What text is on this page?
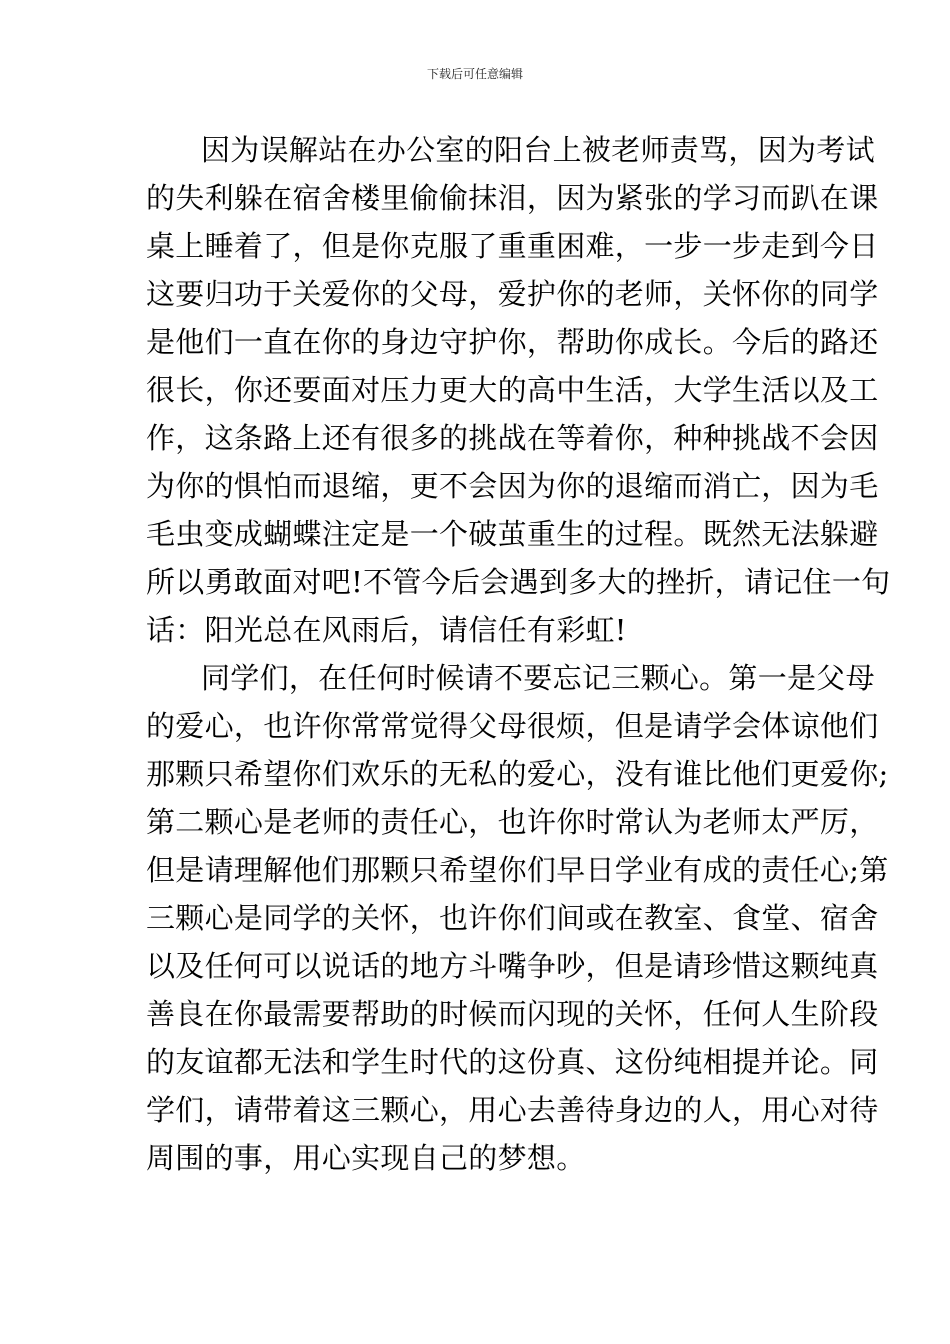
下载后可任意编辑
因为误解站在办公室的阳台上被老师责骂，因为考试
的失利躲在宿舍楼里偷偷抹泪，因为紧张的学习而趴在课
桌上睡着了，但是你克服了重重困难，一步一步走到今日
这要归功于关爱你的父母，爱护你的老师，关怀你的同学
是他们一直在你的身边守护你，帮助你成长。今后的路还
很长，你还要面对压力更大的高中生活，大学生活以及工
作，这条路上还有很多的挑战在等着你，种种挑战不会因
为你的惧怕而退缩，更不会因为你的退缩而消亡，因为毛
毛虫变成蝴蝶注定是一个破茧重生的过程。既然无法躲避
所以勇敢面对吧!不管今后会遇到多大的挫折，请记住一句
话：阳光总在风雨后，请信任有彩虹!
同学们，在任何时候请不要忘记三颗心。第一是父母
的爱心，也许你常常觉得父母很烦，但是请学会体谅他们
那颗只希望你们欢乐的无私的爱心，没有谁比他们更爱你;
第二颗心是老师的责任心，也许你时常认为老师太严厉，
但是请理解他们那颗只希望你们早日学业有成的责任心;第
三颗心是同学的关怀，也许你们间或在教室、食堂、宿舍
以及任何可以说话的地方斗嘴争吵，但是请珍惜这颗纯真
善良在你最需要帮助的时候而闪现的关怀，任何人生阶段
的友谊都无法和学生时代的这份真、这份纯相提并论。同
学们，请带着这三颗心，用心去善待身边的人，用心对待
周围的事，用心实现自己的梦想。
